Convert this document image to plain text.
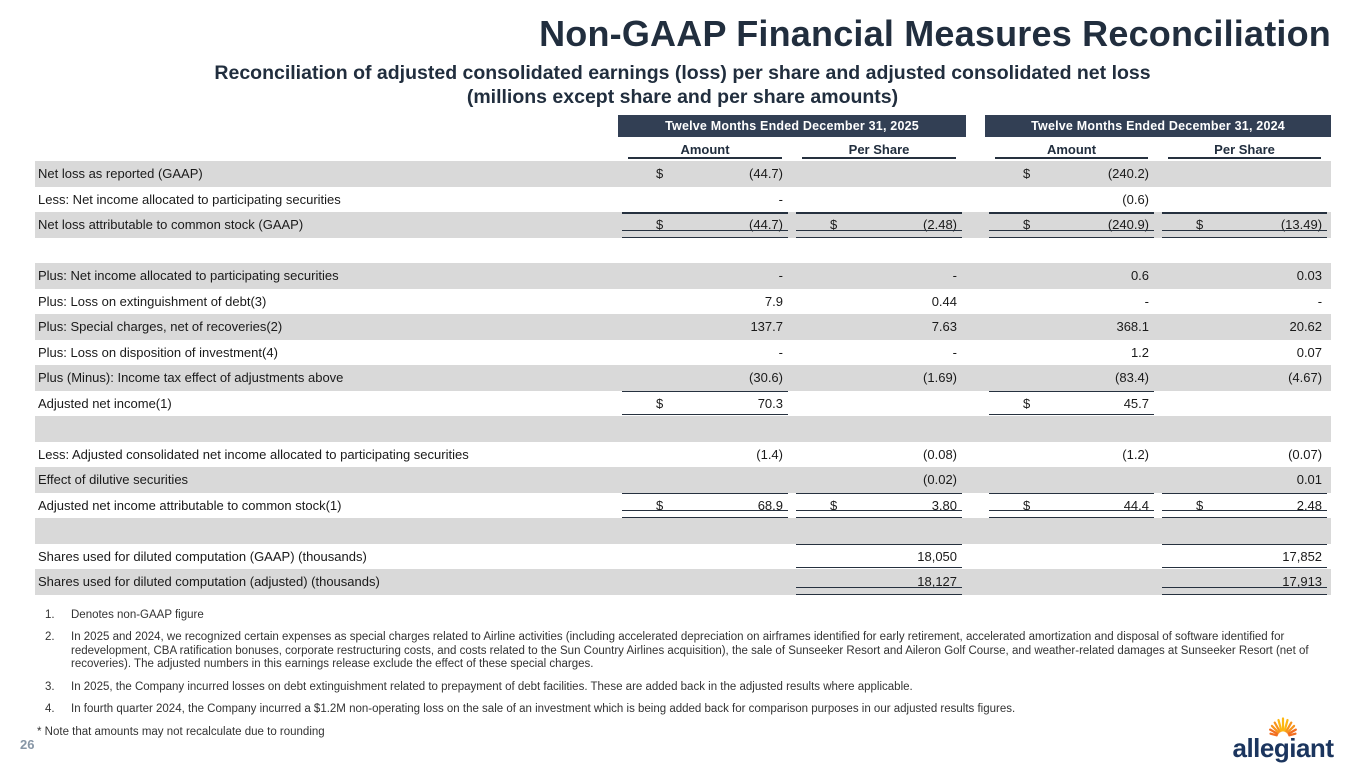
Non-GAAP Financial Measures Reconciliation
Reconciliation of adjusted consolidated earnings (loss) per share and adjusted consolidated net loss
(millions except share and per share amounts)
	Twelve Months Ended December 31, 2025			Twelve Months Ended December 31, 2024	
	Amount	Per Share		Amount	Per Share
Net loss as reported (GAAP)	$ (44.7)			$ (240.2)	

Less: Net income allocated to participating securities	-			(0.6)	

Net loss attributable to common stock (GAAP)	$ (44.7)	$ (2.48)		$ (240.9)	$ (13.49)

Plus: Net income allocated to participating securities	-	-		0.6	0.03

Plus: Loss on extinguishment of debt(3)	7.9	0.44		-	-

Plus: Special charges, net of recoveries(2)	137.7	7.63		368.1	20.62

Plus: Loss on disposition of investment(4)	-	-		1.2	0.07

Plus (Minus): Income tax effect of adjustments above	(30.6)	(1.69)		(83.4)	(4.67)

Adjusted net income(1)	$ 70.3			$ 45.7	

Less: Adjusted consolidated net income allocated to participating securities	(1.4)	(0.08)		(1.2)	(0.07)

Effect of dilutive securities		(0.02)			0.01

Adjusted net income attributable to common stock(1)	$ 68.9	$ 3.80		$ 44.4	$ 2.48

Shares used for diluted computation (GAAP) (thousands)		18,050			17,852

Shares used for diluted computation (adjusted) (thousands)		18,127			17,913
1.	Denotes non-GAAP figure
2.	In 2025 and 2024, we recognized certain expenses as special charges related to Airline activities (including accelerated depreciation on airframes identified for early retirement, accelerated amortization and disposal of software identified for redevelopment, CBA ratification bonuses, corporate restructuring costs, and costs related to the Sun Country Airlines acquisition), the sale of Sunseeker Resort and Aileron Golf Course, and weather-related damages at Sunseeker Resort (net of recoveries). The adjusted numbers in this earnings release exclude the effect of these special charges.
3.	In 2025, the Company incurred losses on debt extinguishment related to prepayment of debt facilities. These are added back in the adjusted results where applicable.
4.	In fourth quarter 2024, the Company incurred a $1.2M non-operating loss on the sale of an investment which is being added back for comparison purposes in our adjusted results figures.
* Note that amounts may not recalculate due to rounding
26	allegiant
